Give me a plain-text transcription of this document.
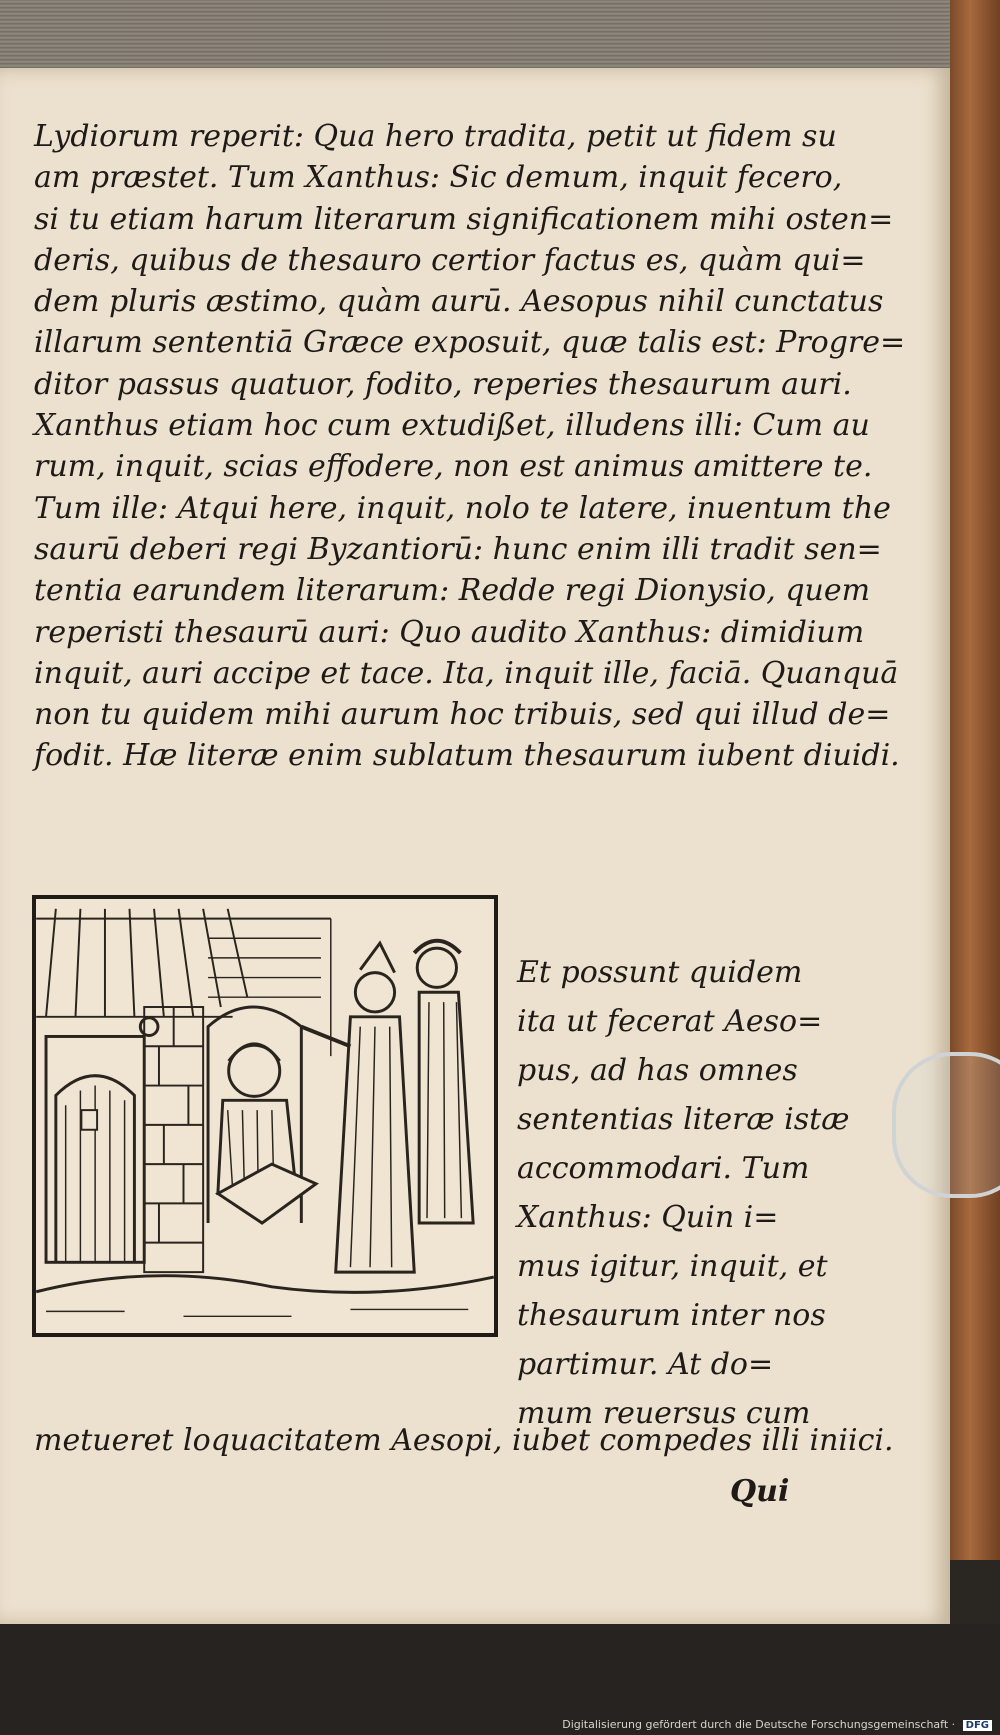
Lydiorum reperit: Qua hero tradita, petit ut fidem su
am præstet. Tum Xanthus: Sic demum, inquit fecero,
si tu etiam harum literarum significationem mihi osten=
deris, quibus de thesauro certior factus es, quàm qui=
dem pluris æstimo, quàm aurū. Aesopus nihil cunctatus
illarum sententiā Græce exposuit, quæ talis est: Progre=
ditor passus quatuor, fodito, reperies thesaurum auri.
Xanthus etiam hoc cum extudißet, illudens illi: Cum au
rum, inquit, scias effodere, non est animus amittere te.
Tum ille: Atqui here, inquit, nolo te latere, inuentum the
saurū deberi regi Byzantiorū: hunc enim illi tradit sen=
tentia earundem literarum: Redde regi Dionysio, quem
reperisti thesaurū auri: Quo audito Xanthus: dimidium
inquit, auri accipe et tace. Ita, inquit ille, faciā. Quanquā
non tu quidem mihi aurum hoc tribuis, sed qui illud de=
fodit. Hæ literæ enim sublatum thesaurum iubent diuidi.
Et possunt quidem
ita ut fecerat Aeso=
pus, ad has omnes
sententias literæ istæ
accommodari. Tum
Xanthus: Quin i=
mus igitur, inquit, et
thesaurum inter nos
partimur. At do=
mum reuersus cum
metueret loquacitatem Aesopi, iubet compedes illi iniici.
Qui
Digitalisierung gefördert durch die Deutsche Forschungsgemeinschaft · DFG
